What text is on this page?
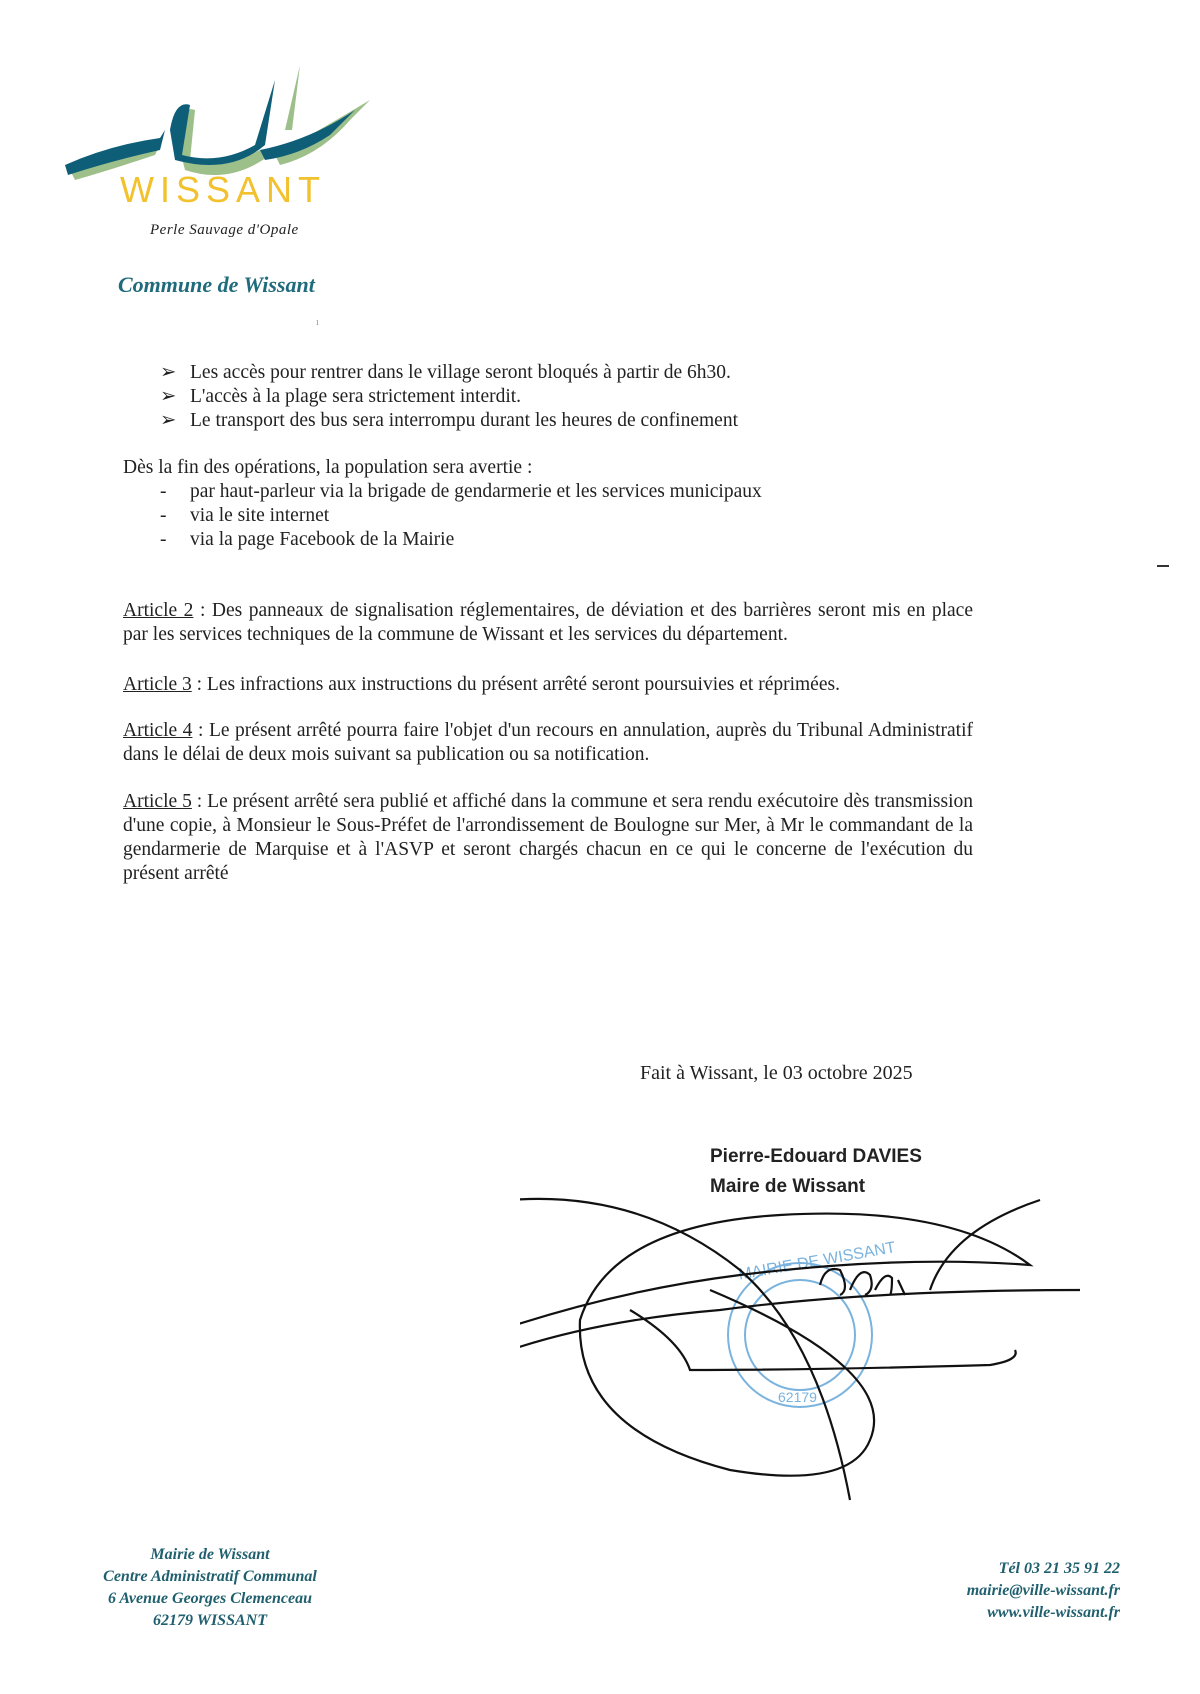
WISSANT
Perle Sauvage d'Opale
Commune de Wissant
ı
➢ Les accès pour rentrer dans le village seront bloqués à partir de 6h30.
➢ L'accès à la plage sera strictement interdit.
➢ Le transport des bus sera interrompu durant les heures de confinement

Dès la fin des opérations, la population sera avertie :

- par haut-parleur via la brigade de gendarmerie et les services municipaux
- via le site internet
- via la page Facebook de la Mairie

Article 2 : Des panneaux de signalisation réglementaires, de déviation et des barrières seront mis en place par les services techniques de la commune de Wissant et les services du département.

Article 3 : Les infractions aux instructions du présent arrêté seront poursuivies et réprimées.

Article 4 : Le présent arrêté pourra faire l'objet d'un recours en annulation, auprès du Tribunal Administratif dans le délai de deux mois suivant sa publication ou sa notification.

Article 5 : Le présent arrêté sera publié et affiché dans la commune et sera rendu exécutoire dès transmission d'une copie, à Monsieur le Sous-Préfet de l'arrondissement de Boulogne sur Mer, à Mr le commandant de la gendarmerie de Marquise et à l'ASVP et seront chargés chacun en ce qui le concerne de l'exécution du présent arrêté

Fait à Wissant, le 03 octobre 2025
Pierre-Edouard DAVIES
Maire de Wissant
MAIRIE DE WISSANT
62179
Mairie de Wissant
Centre Administratif Communal
6 Avenue Georges Clemenceau
62179 WISSANT
Tél 03 21 35 91 22
mairie@ville-wissant.fr
www.ville-wissant.fr
